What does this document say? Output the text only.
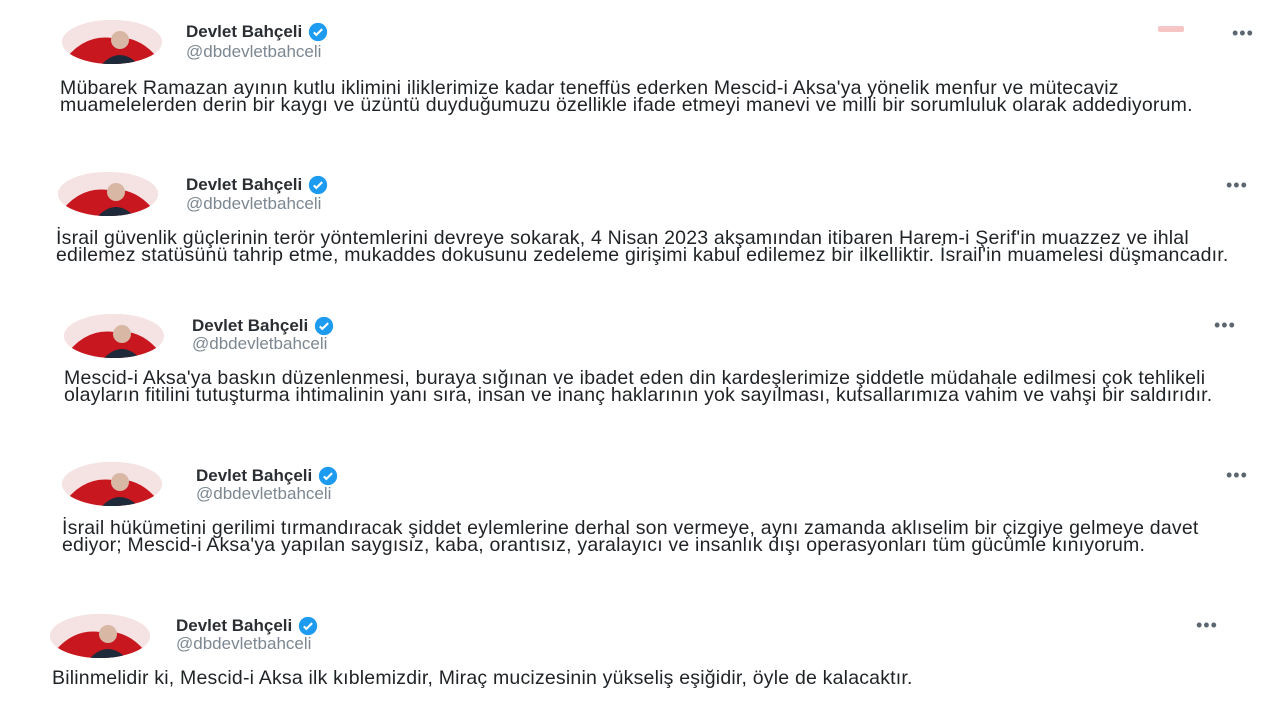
Devlet Bahçeli
@dbdevletbahceli
•••
Mübarek Ramazan ayının kutlu iklimini iliklerimize kadar teneffüs ederken Mescid-i Aksa'ya yönelik menfur ve mütecaviz muamelelerden derin bir kaygı ve üzüntü duyduğumuzu özellikle ifade etmeyi manevi ve milli bir sorumluluk olarak addediyorum.
Devlet Bahçeli
@dbdevletbahceli
•••
İsrail güvenlik güçlerinin terör yöntemlerini devreye sokarak, 4 Nisan 2023 akşamından itibaren Harem-i Şerif'in muazzez ve ihlal edilemez statüsünü tahrip etme, mukaddes dokusunu zedeleme girişimi kabul edilemez bir ilkelliktir. İsrail'in muamelesi düşmancadır.
Devlet Bahçeli
@dbdevletbahceli
•••
Mescid-i Aksa'ya baskın düzenlenmesi, buraya sığınan ve ibadet eden din kardeşlerimize şiddetle müdahale edilmesi çok tehlikeli olayların fitilini tutuşturma ihtimalinin yanı sıra, insan ve inanç haklarının yok sayılması, kutsallarımıza vahim ve vahşi bir saldırıdır.
Devlet Bahçeli
@dbdevletbahceli
•••
İsrail hükümetini gerilimi tırmandıracak şiddet eylemlerine derhal son vermeye, aynı zamanda aklıselim bir çizgiye gelmeye davet ediyor; Mescid-i Aksa'ya yapılan saygısız, kaba, orantısız, yaralayıcı ve insanlık dışı operasyonları tüm gücümle kınıyorum.
Devlet Bahçeli
@dbdevletbahceli
•••
Bilinmelidir ki, Mescid-i Aksa ilk kıblemizdir, Miraç mucizesinin yükseliş eşiğidir, öyle de kalacaktır.
